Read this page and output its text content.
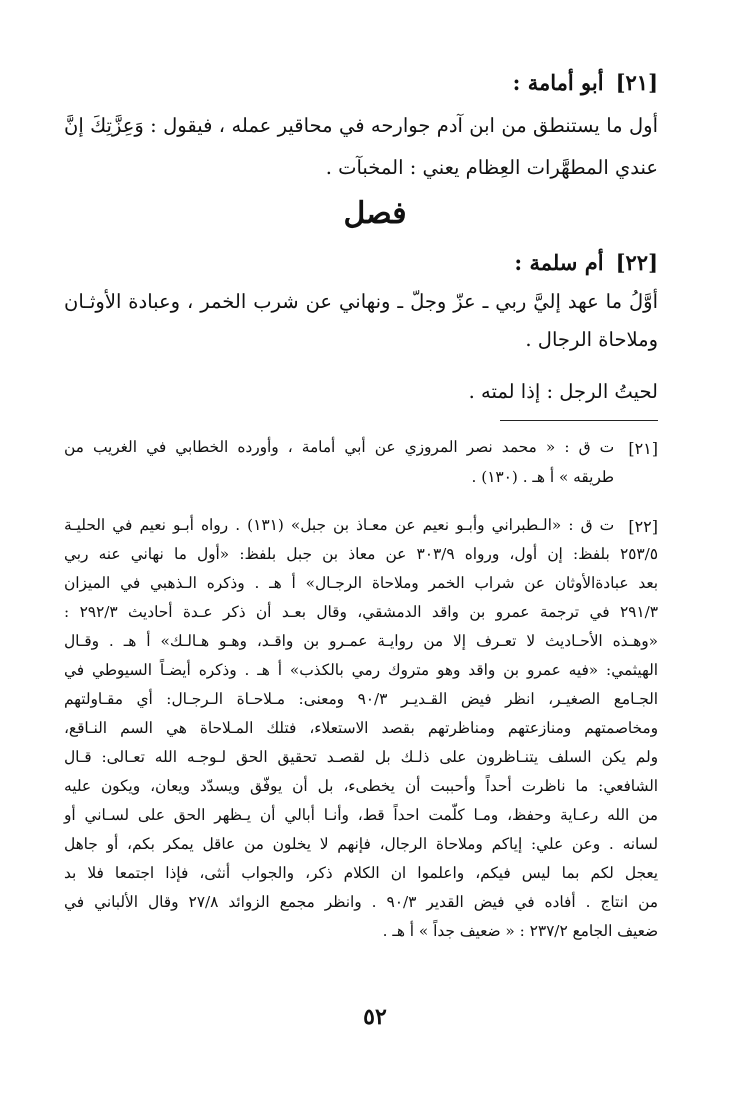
[٢١]أبو أمامة :
أول ما يستنطق من ابن آدم جوارحه في محاقير عمله ، فيقول : وَعِزَّتِكَ إنَّ
عندي المطهَّرات العِظام يعني : المخبآت .
فصل
[٢٢]أم سلمة :
أوَّلُ ما عهد إليَّ ربي ـ عزّ وجلّ ـ ونهاني عن شرب الخمر ، وعبادة الأوثـان
وملاحاة الرجال .
لحيتُ الرجل : إذا لمته .
[٢١]
ت ق : « محمد نصر المروزي عن أبي أمامة ، وأورده الخطابي في الغريب من
طريقه » أ هـ . (١٣٠) .
[٢٢]
ت ق : «الـطبراني وأبـو نعيم عن معـاذ بن جبل» (١٣١) . رواه أبـو نعيم في الحليـة
٢٥٣/٥ بلفظ: إن أول، ورواه ٣٠٣/٩ عن معاذ بن جبل بلفظ: «أول ما نهاني عنه ربي
بعد عبادةالأوثان عن شراب الخمر وملاحاة الرجـال» أ هـ . وذكره الـذهبي في الميزان
٢٩١/٣ في ترجمة عمرو بن واقد الدمشقي، وقال بعـد أن ذكر عـدة أحاديث ٢٩٢/٣ :
«وهـذه الأحـاديث لا تعـرف إلا من روايـة عمـرو بن واقـد، وهـو هـالـك» أ هـ . وقـال
الهيثمي: «فيه عمرو بن واقد وهو متروك رمي بالكذب» أ هـ . وذكره أيضـاً السيوطي في
الجـامع الصغيـر، انظر فيض القـديـر ٩٠/٣ ومعنى: مـلاحـاة الـرجـال: أي مقـاولتهم
ومخاصمتهم ومنازعتهم ومناظرتهم بقصد الاستعلاء، فتلك المـلاحاة هي السم النـاقع،
ولم يكن السلف يتنـاظرون على ذلـك بل لقصـد تحقيق الحق لـوجـه الله تعـالى: قـال
الشافعي: ما ناظرت أحداً وأحببت أن يخطىء، بل أن يوفّق ويسدّد ويعان، ويكون عليه
من الله رعـاية وحفظ، ومـا كلّمت احداً قط، وأنـا أبالي أن يـظهر الحق على لسـاني أو
لسانه . وعن علي: إياكم وملاحاة الرجال، فإنهم لا يخلون من عاقل يمكر بكم، أو جاهل
يعجل لكم بما ليس فيكم، واعلموا ان الكلام ذكر، والجواب أنثى، فإذا اجتمعا فلا بد
من انتاج . أفاده في فيض القدير ٩٠/٣ . وانظر مجمع الزوائد ٢٧/٨ وقال الألباني في
ضعيف الجامع ٢٣٧/٢ : « ضعيف جداً » أ هـ .
٥٢
